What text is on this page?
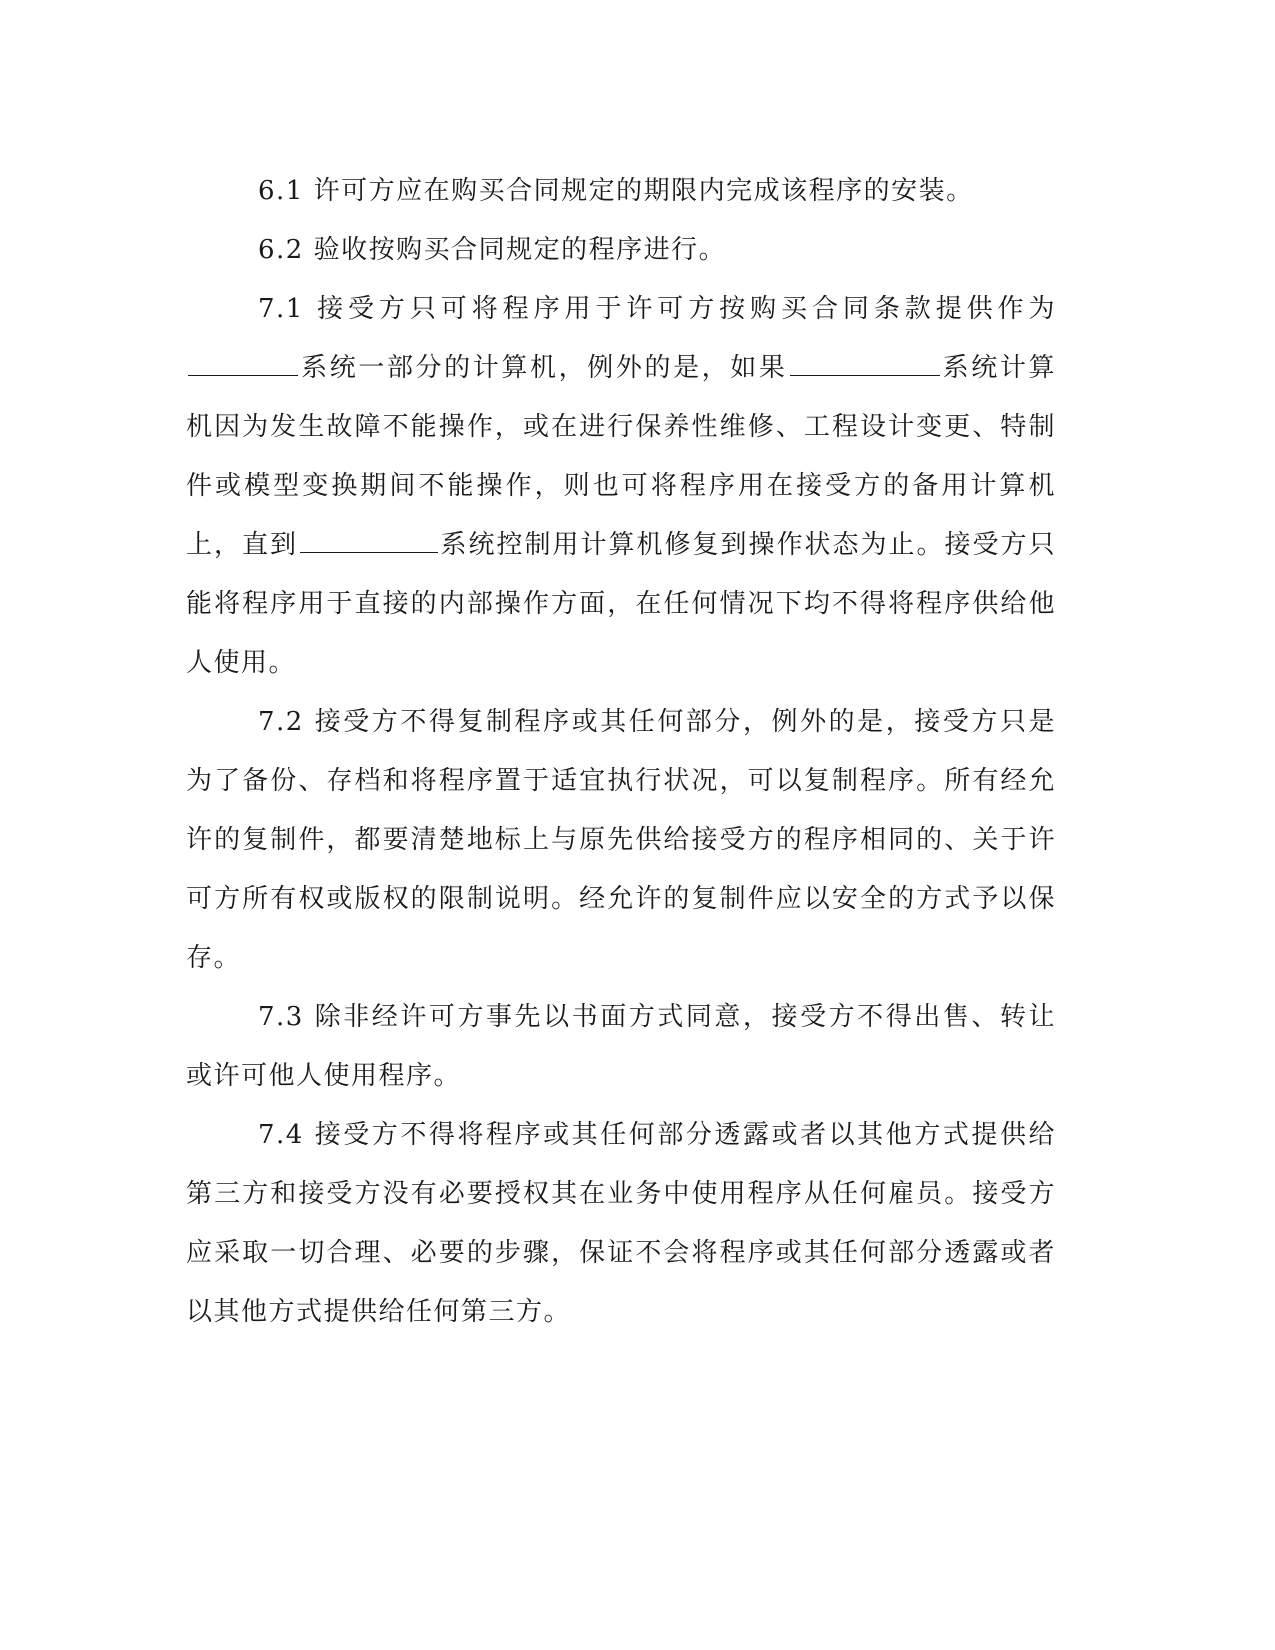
6.1 许可方应在购买合同规定的期限内完成该程序的安装。

6.2 验收按购买合同规定的程序进行。

7.1 接受方只可将程序用于许可方按购买合同条款提供作为系统一部分的计算机，例外的是，如果	系统计算机因为发生故障不能操作，或在进行保养性维修、工程设计变更、特制件或模型变换期间不能操作，则也可将程序用在接受方的备用计算机上，直到	系统控制用计算机修复到操作状态为止。接受方只能将程序用于直接的内部操作方面，在任何情况下均不得将程序供给他人使用。

7.2 接受方不得复制程序或其任何部分，例外的是，接受方只是为了备份、存档和将程序置于适宜执行状况，可以复制程序。所有经允许的复制件，都要清楚地标上与原先供给接受方的程序相同的、关于许可方所有权或版权的限制说明。经允许的复制件应以安全的方式予以保存。

7.3 除非经许可方事先以书面方式同意，接受方不得出售、转让或许可他人使用程序。

7.4 接受方不得将程序或其任何部分透露或者以其他方式提供给第三方和接受方没有必要授权其在业务中使用程序从任何雇员。接受方应采取一切合理、必要的步骤，保证不会将程序或其任何部分透露或者以其他方式提供给任何第三方。
